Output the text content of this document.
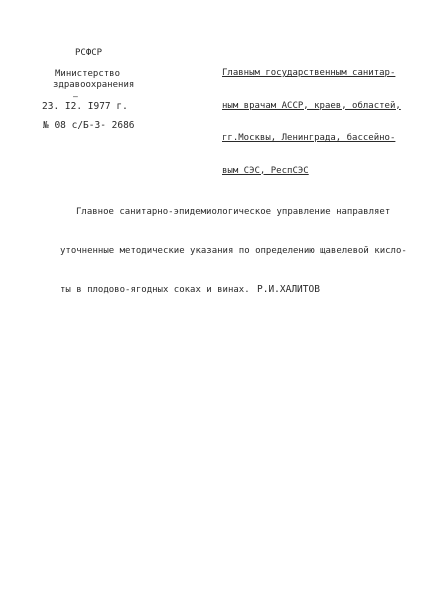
РСФСР
Министерство
здравоохранения
–
23. I2. I977 г.
№ 08 с/Б-3- 2686

Главным государственным санитар-

ным врачам АССР, краев, областей,

гг.Москвы, Ленинграда, бассейно-

вым СЭС, РеспСЭС

Главное санитарно-эпидемиологическое управление направляет

уточненные методические указания по определению щавелевой кисло-

ты в плодово-ягодных соках и винах.

Р.И.ХАЛИТОВ
